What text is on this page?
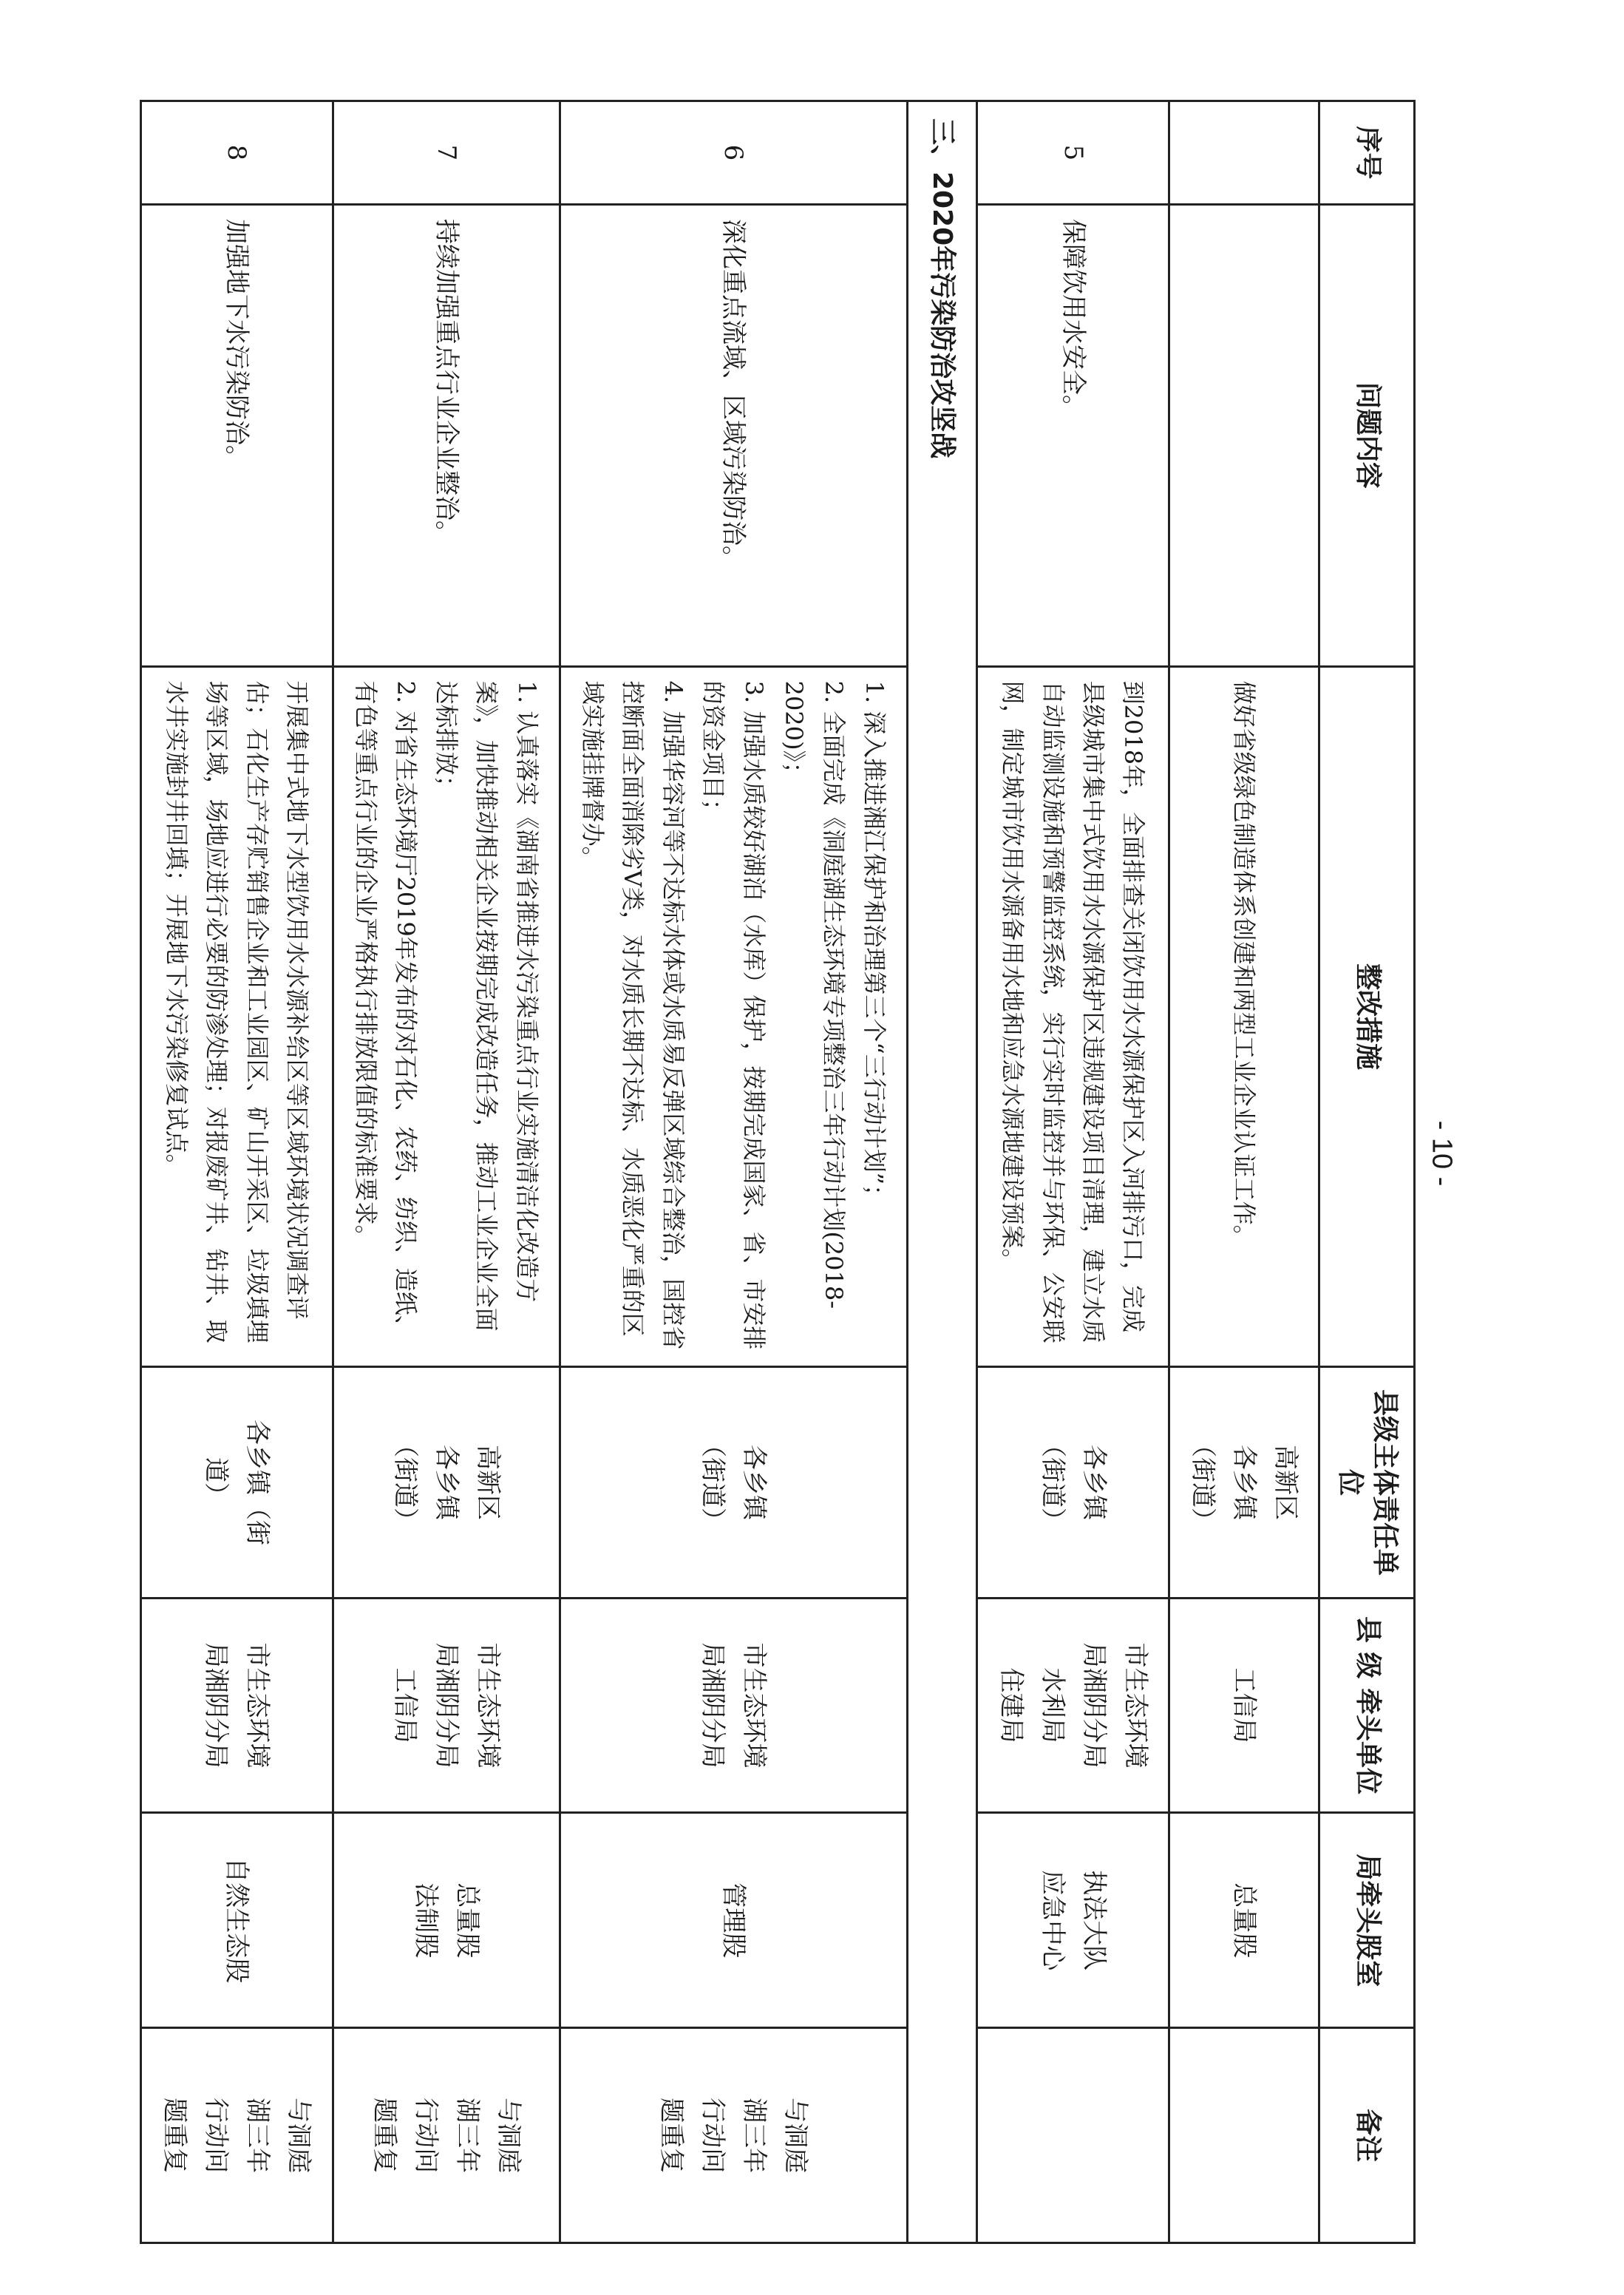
序号	问题内容	整改措施	县级主体责任单位	县 级 牵头单位	局牵头股室	备注

		做好省级绿色制造体系创建和两型工业企业认证工作。	高新区
各乡镇
（街道）	工信局	总量股	

5	保障饮用水安全。	到2018年，全面排查关闭饮用水水源保护区入河排污口，完成县级城市集中式饮用水水源保护区违规建设项目清理，建立水质自动监测设施和预警监控系统，实行实时监控并与环保、公安联网，制定城市饮用水源备用水地和应急水源地建设预案。	各乡镇
（街道）	市生态环境
局湘阴分局
水利局
住建局	执法大队
应急中心	

三、2020年污染防治攻坚战						
6	深化重点流域、区域污染防治。	1. 深入推进湘江保护和治理第三个“三行动计划”；
2. 全面完成《洞庭湖生态环境专项整治三年行动计划(2018-2020)》；
3. 加强水质较好湖泊（水库）保护，按期完成国家、省、市安排的资金项目；
4. 加强华容河等不达标水体或水质易反弹区域综合整治，国控省控断面全面消除劣V类，对水质长期不达标、水质恶化严重的区域实施挂牌督办。	各乡镇
（街道）	市生态环境
局湘阴分局	管理股	与洞庭
湖三年
行动问
题重复

7	持续加强重点行业企业整治。	1. 认真落实《湖南省推进水污染重点行业实施清洁化改造方案》，加快推动相关企业按期完成改造任务，推动工业企业全面达标排放；
2. 对省生态环境厅2019年发布的对石化、农药、纺织、造纸、有色等重点行业的企业严格执行排放限值的标准要求。	高新区
各乡镇
（街道）	市生态环境
局湘阴分局
工信局	总量股
法制股	与洞庭
湖三年
行动问
题重复

8	加强地下水污染防治。	开展集中式地下水型饮用水水源补给区等区域环境状况调查评估；石化生产存贮销售企业和工业园区、矿山开采区、垃圾填埋场等区域，场地应进行必要的防渗处理；对报废矿井、钻井、取水井实施封井回填；开展地下水污染修复试点。	各乡镇（街
道）	市生态环境
局湘阴分局	自然生态股	与洞庭
湖三年
行动问
题重复
- 10 -
